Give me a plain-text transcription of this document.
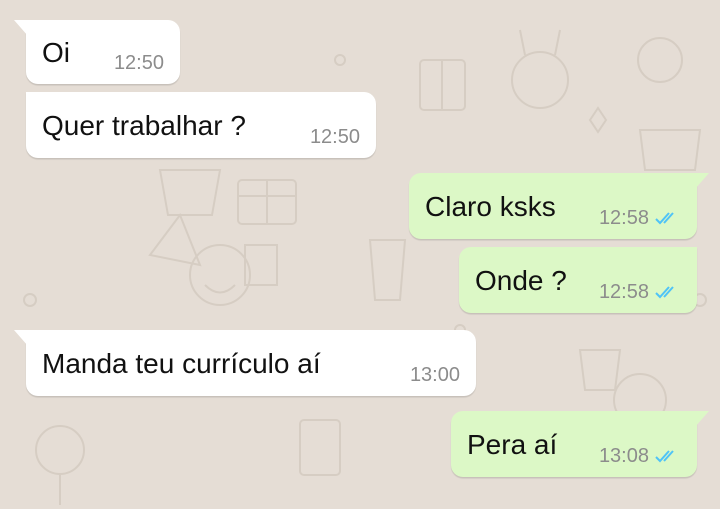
Oi 12:50
Quer trabalhar ?	12:50
Claro ksks 12:58
Onde ? 12:58
Manda teu currículo aí	13:00
Pera aí 13:08
